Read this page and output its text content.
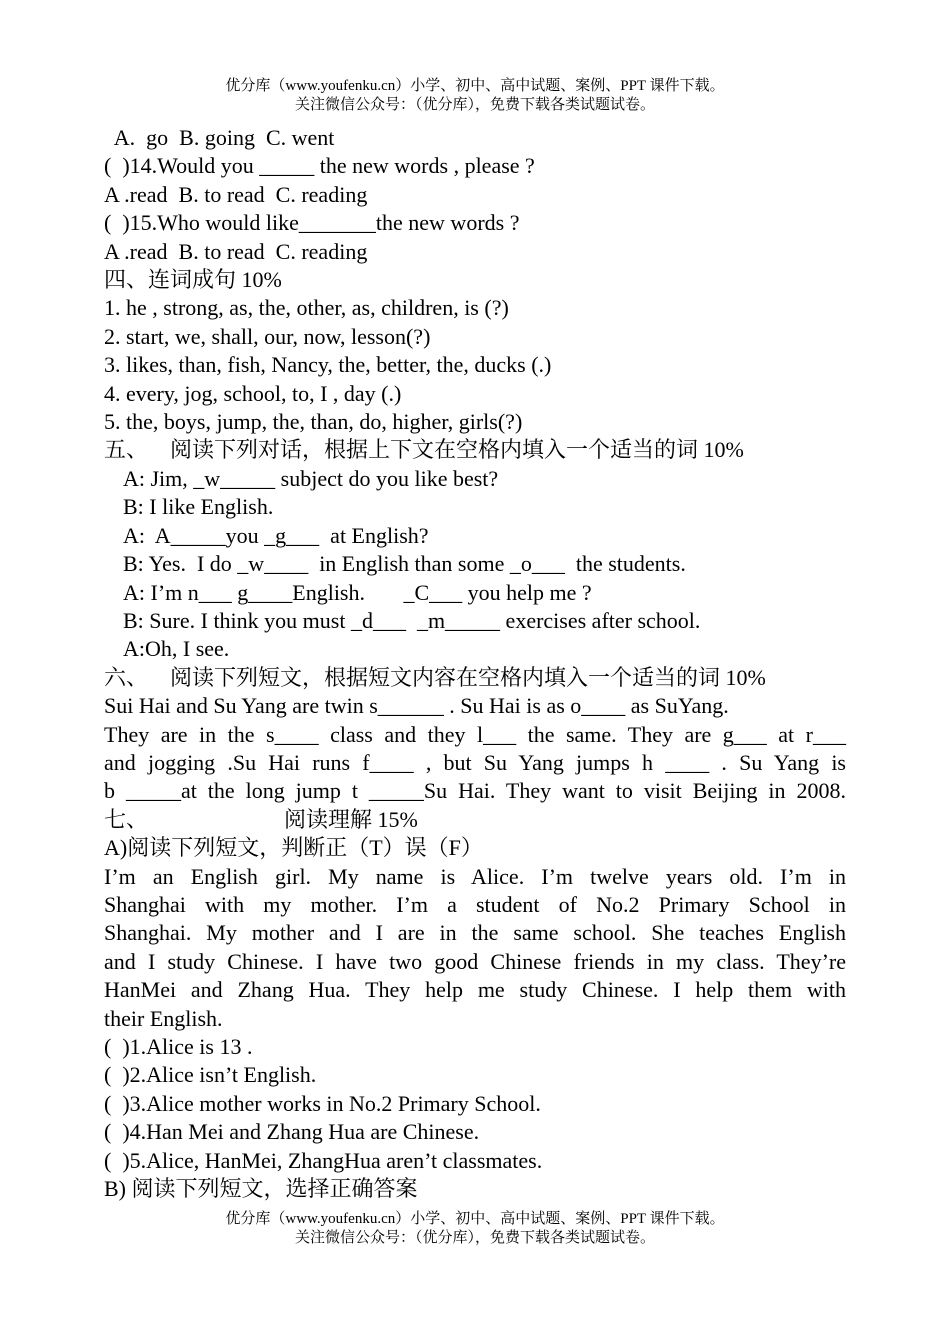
优分库（www.youfenku.cn）小学、初中、高中试题、案例、PPT 课件下载。
关注微信公众号：（优分库），免费下载各类试题试卷。
A.  go  B. going  C. went
(  )14.Would you _____ the new words , please ?
A .read  B. to read  C. reading
(  )15.Who would like_______the new words ?
A .read  B. to read  C. reading
四、连词成句 10%
1. he , strong, as, the, other, as, children, is (?)
2. start, we, shall, our, now, lesson(?)
3. likes, than, fish, Nancy, the, better, the, ducks (.)
4. every, jog, school, to, I , day (.)
5. the, boys, jump, the, than, do, higher, girls(?)
五、    阅读下列对话，根据上下文在空格内填入一个适当的词 10%
A: Jim, _w_____ subject do you like best?
B: I like English.
A:  A_____you _g___  at English?
B: Yes.  I do _w____  in English than some _o___  the students.
A: I’m n___ g____English.       _C___ you help me ?
B: Sure. I think you must _d___  _m_____ exercises after school.
A:Oh, I see.
六、    阅读下列短文，根据短文内容在空格内填入一个适当的词 10%
Sui Hai and Su Yang are twin s______ . Su Hai is as o____ as SuYang.
They are in the s____ class and they l___ the same. They are g___ at r___
and jogging .Su Hai runs f____ , but Su Yang jumps h ____ . Su Yang is
b _____at the long jump t _____Su Hai. They want to visit Beijing in 2008.
七、	阅读理解 15%
A)阅读下列短文，判断正（T）误（F）
I’m an English girl. My name is Alice. I’m twelve years old. I’m in
Shanghai with my mother. I’m a student of No.2 Primary School in
Shanghai. My mother and I are in the same school. She teaches English
and I study Chinese. I have two good Chinese friends in my class. They’re
HanMei and Zhang Hua. They help me study Chinese. I help them with
their English.
(  )1.Alice is 13 .
(  )2.Alice isn’t English.
(  )3.Alice mother works in No.2 Primary School.
(  )4.Han Mei and Zhang Hua are Chinese.
(  )5.Alice, HanMei, ZhangHua aren’t classmates.
B) 阅读下列短文，选择正确答案
优分库（www.youfenku.cn）小学、初中、高中试题、案例、PPT 课件下载。
关注微信公众号：（优分库），免费下载各类试题试卷。
